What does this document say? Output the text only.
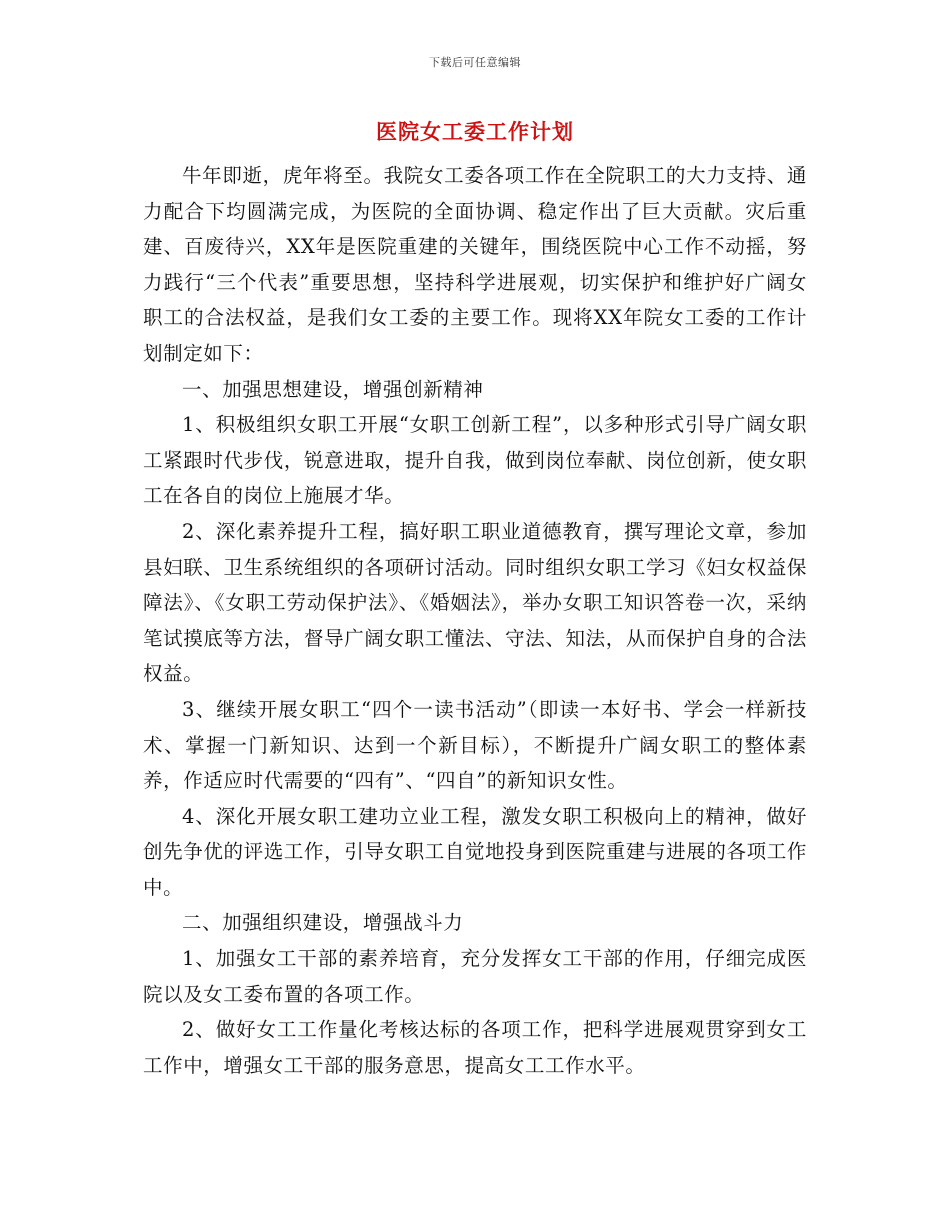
下载后可任意编辑
医院女工委工作计划

牛年即逝，虎年将至。我院女工委各项工作在全院职工的大力支持、通力配合下均圆满完成，为医院的全面协调、稳定作出了巨大贡献。灾后重建、百废待兴，XX年是医院重建的关键年，围绕医院中心工作不动摇，努力践行“三个代表”重要思想，坚持科学进展观，切实保护和维护好广阔女职工的合法权益，是我们女工委的主要工作。现将XX年院女工委的工作计划制定如下：

一、加强思想建设，增强创新精神

1、积极组织女职工开展“女职工创新工程”，以多种形式引导广阔女职工紧跟时代步伐，锐意进取，提升自我，做到岗位奉献、岗位创新，使女职工在各自的岗位上施展才华。

2、深化素养提升工程，搞好职工职业道德教育，撰写理论文章，参加县妇联、卫生系统组织的各项研讨活动。同时组织女职工学习《妇女权益保障法》、《女职工劳动保护法》、《婚姻法》，举办女职工知识答卷一次，采纳笔试摸底等方法，督导广阔女职工懂法、守法、知法，从而保护自身的合法权益。

3、继续开展女职工“四个一读书活动”（即读一本好书、学会一样新技术、掌握一门新知识、达到一个新目标），不断提升广阔女职工的整体素养，作适应时代需要的“四有”、“四自”的新知识女性。

4、深化开展女职工建功立业工程，激发女职工积极向上的精神，做好创先争优的评选工作，引导女职工自觉地投身到医院重建与进展的各项工作中。

二、加强组织建设，增强战斗力

1、加强女工干部的素养培育，充分发挥女工干部的作用，仔细完成医院以及女工委布置的各项工作。

2、做好女工工作量化考核达标的各项工作，把科学进展观贯穿到女工工作中，增强女工干部的服务意思，提高女工工作水平。
